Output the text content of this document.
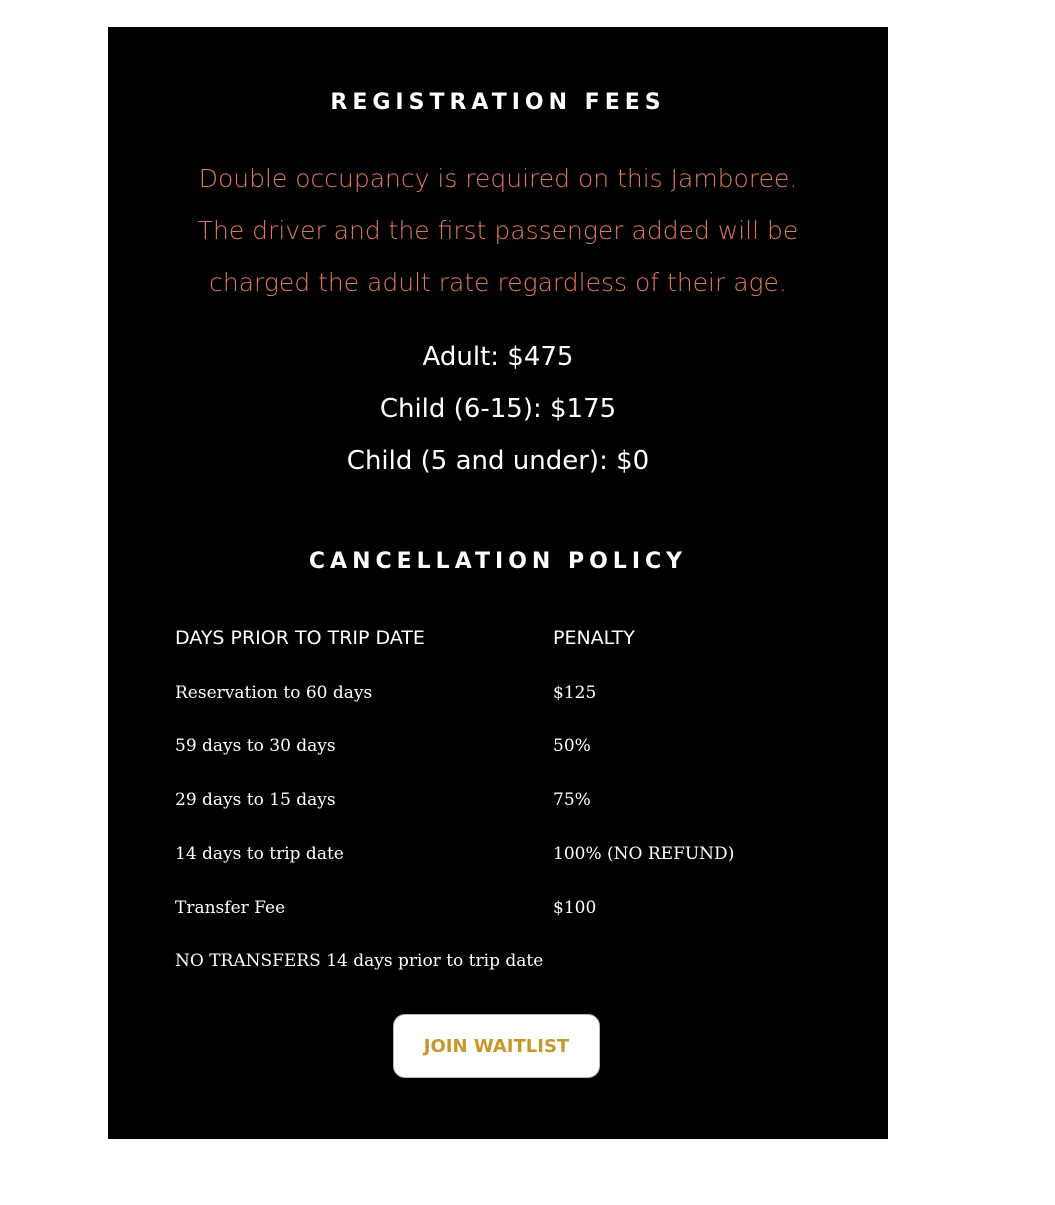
REGISTRATION FEES
Double occupancy is required on this Jamboree.
The driver and the first passenger added will be
charged the adult rate regardless of their age.
Adult: $475
Child (6-15): $175
Child (5 and under): $0
CANCELLATION POLICY
DAYS PRIOR TO TRIP DATE	PENALTY
Reservation to 60 days	$125
59 days to 30 days	50%
29 days to 15 days	75%
14 days to trip date	100% (NO REFUND)
Transfer Fee	$100
NO TRANSFERS 14 days prior to trip date
JOIN WAITLIST
